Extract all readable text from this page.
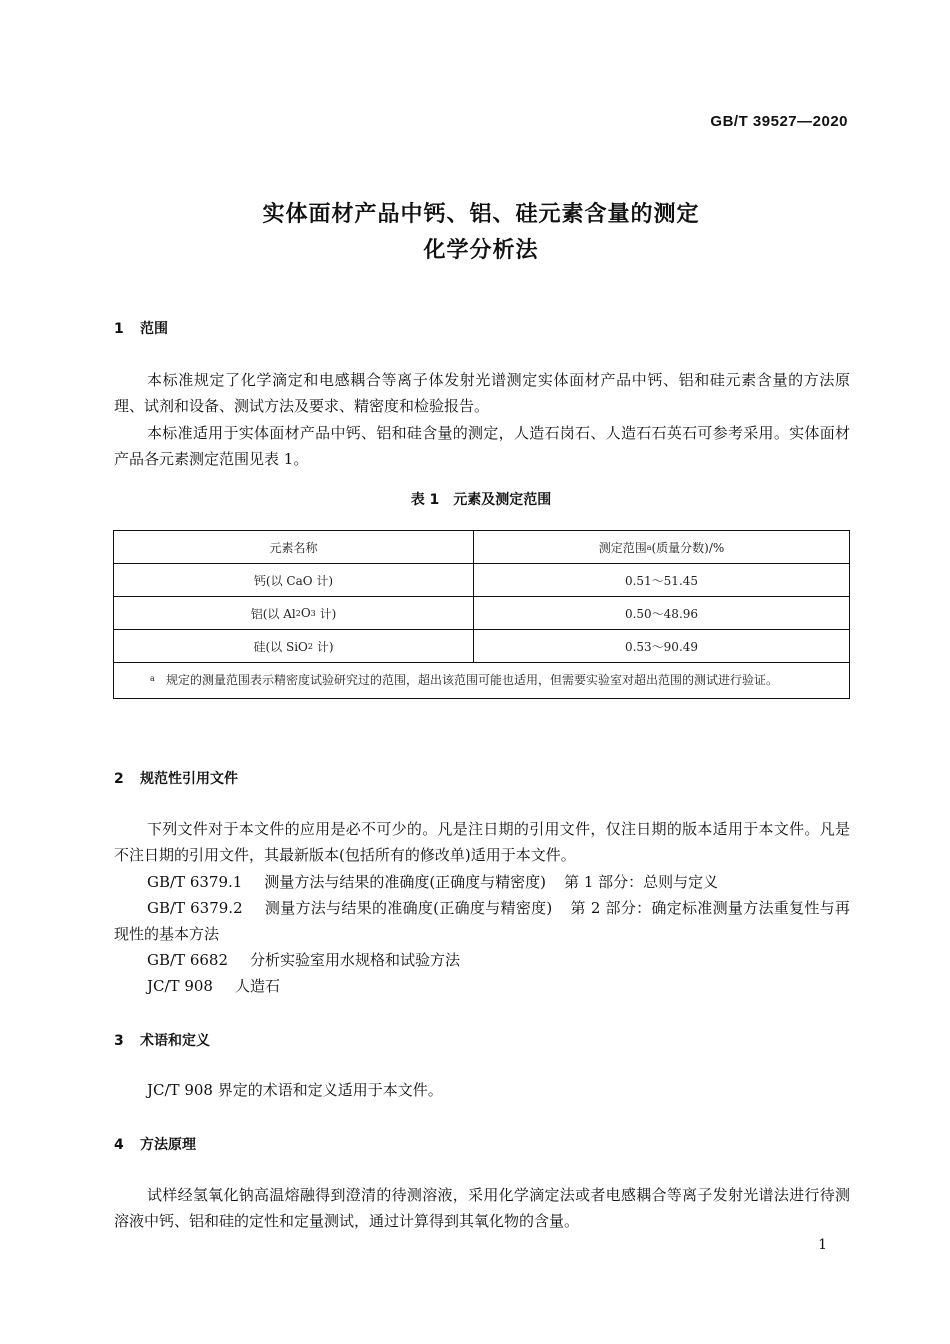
GB/T 39527—2020
实体面材产品中钙、铝、硅元素含量的测定
化学分析法
1 范围
本标准规定了化学滴定和电感耦合等离子体发射光谱测定实体面材产品中钙、铝和硅元素含量的方法原理、试剂和设备、测试方法及要求、精密度和检验报告。
本标准适用于实体面材产品中钙、铝和硅含量的测定，人造石岗石、人造石石英石可参考采用。实体面材产品各元素测定范围见表 1。
表 1　元素及测定范围
元素名称	测定范围 a (质量分数)/%
钙(以 CaO 计)	0.51～51.45
铝(以 Al 2 O 3 计)	0.50～48.96
硅(以 SiO 2 计)	0.53～90.49
a 规定的测量范围表示精密度试验研究过的范围，超出该范围可能也适用，但需要实验室对超出范围的测试进行验证。
2 规范性引用文件
下列文件对于本文件的应用是必不可少的。凡是注日期的引用文件，仅注日期的版本适用于本文件。凡是不注日期的引用文件，其最新版本(包括所有的修改单)适用于本文件。
GB/T 6379.1 测量方法与结果的准确度(正确度与精密度) 第 1 部分：总则与定义
GB/T 6379.2 测量方法与结果的准确度(正确度与精密度) 第 2 部分：确定标准测量方法重复性与再现性的基本方法
GB/T 6682 分析实验室用水规格和试验方法
JC/T 908 人造石
3 术语和定义
JC/T 908 界定的术语和定义适用于本文件。
4 方法原理
试样经氢氧化钠高温熔融得到澄清的待测溶液，采用化学滴定法或者电感耦合等离子发射光谱法进行待测溶液中钙、铝和硅的定性和定量测试，通过计算得到其氧化物的含量。
1
